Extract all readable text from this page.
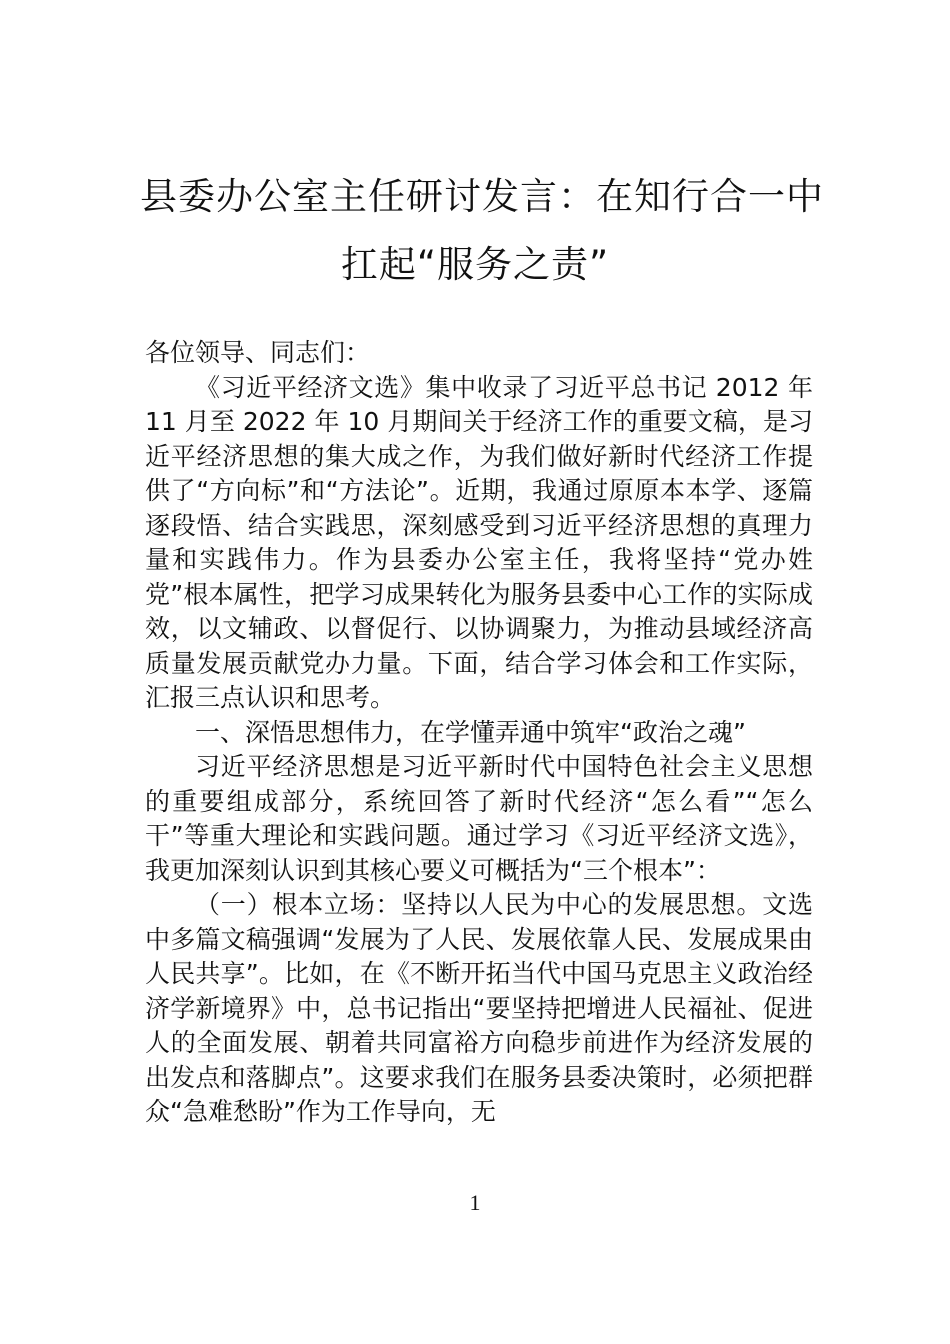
县委办公室主任研讨发言：在知行合一中
扛起“服务之责”

各位领导、同志们：

《习近平经济文选》集中收录了习近平总书记 2012 年 11 月至 2022 年 10 月期间关于经济工作的重要文稿，是习近平经济思想的集大成之作，为我们做好新时代经济工作提供了“方向标”和“方法论”。近期，我通过原原本本学、逐篇逐段悟、结合实践思，深刻感受到习近平经济思想的真理力量和实践伟力。作为县委办公室主任，我将坚持“党办姓党”根本属性，把学习成果转化为服务县委中心工作的实际成效，以文辅政、以督促行、以协调聚力，为推动县域经济高质量发展贡献党办力量。下面，结合学习体会和工作实际，汇报三点认识和思考。

一、深悟思想伟力，在学懂弄通中筑牢“政治之魂”

习近平经济思想是习近平新时代中国特色社会主义思想的重要组成部分，系统回答了新时代经济“怎么看”“怎么干”等重大理论和实践问题。通过学习《习近平经济文选》，我更加深刻认识到其核心要义可概括为“三个根本”：

（一）根本立场：坚持以人民为中心的发展思想。文选中多篇文稿强调“发展为了人民、发展依靠人民、发展成果由人民共享”。比如，在《不断开拓当代中国马克思主义政治经济学新境界》中，总书记指出“要坚持把增进人民福祉、促进人的全面发展、朝着共同富裕方向稳步前进作为经济发展的出发点和落脚点”。这要求我们在服务县委决策时，必须把群众“急难愁盼”作为工作导向，无

1
